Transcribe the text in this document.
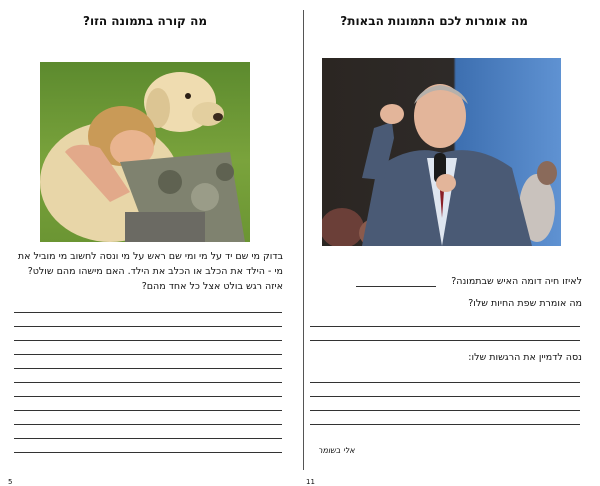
מה קורה בתמונה הזו?
בדוק מי שם יד על מי ומי שם ראש על מי ונסה לחשוב מי מוביל את מי - הילד את הכלב או הכלב את הילד. האם מישהו מהם שולט? איזה רגש בולט אצל כל אחד מהם?
5
מה אומרות לכם התמונות הבאות?
לאיזו חיה דומה האיש שבתמונה?
מה אומרת שפת החיות שלו?
נסה לדמיין את הרגשות שלו:
אלי בשומר
11
